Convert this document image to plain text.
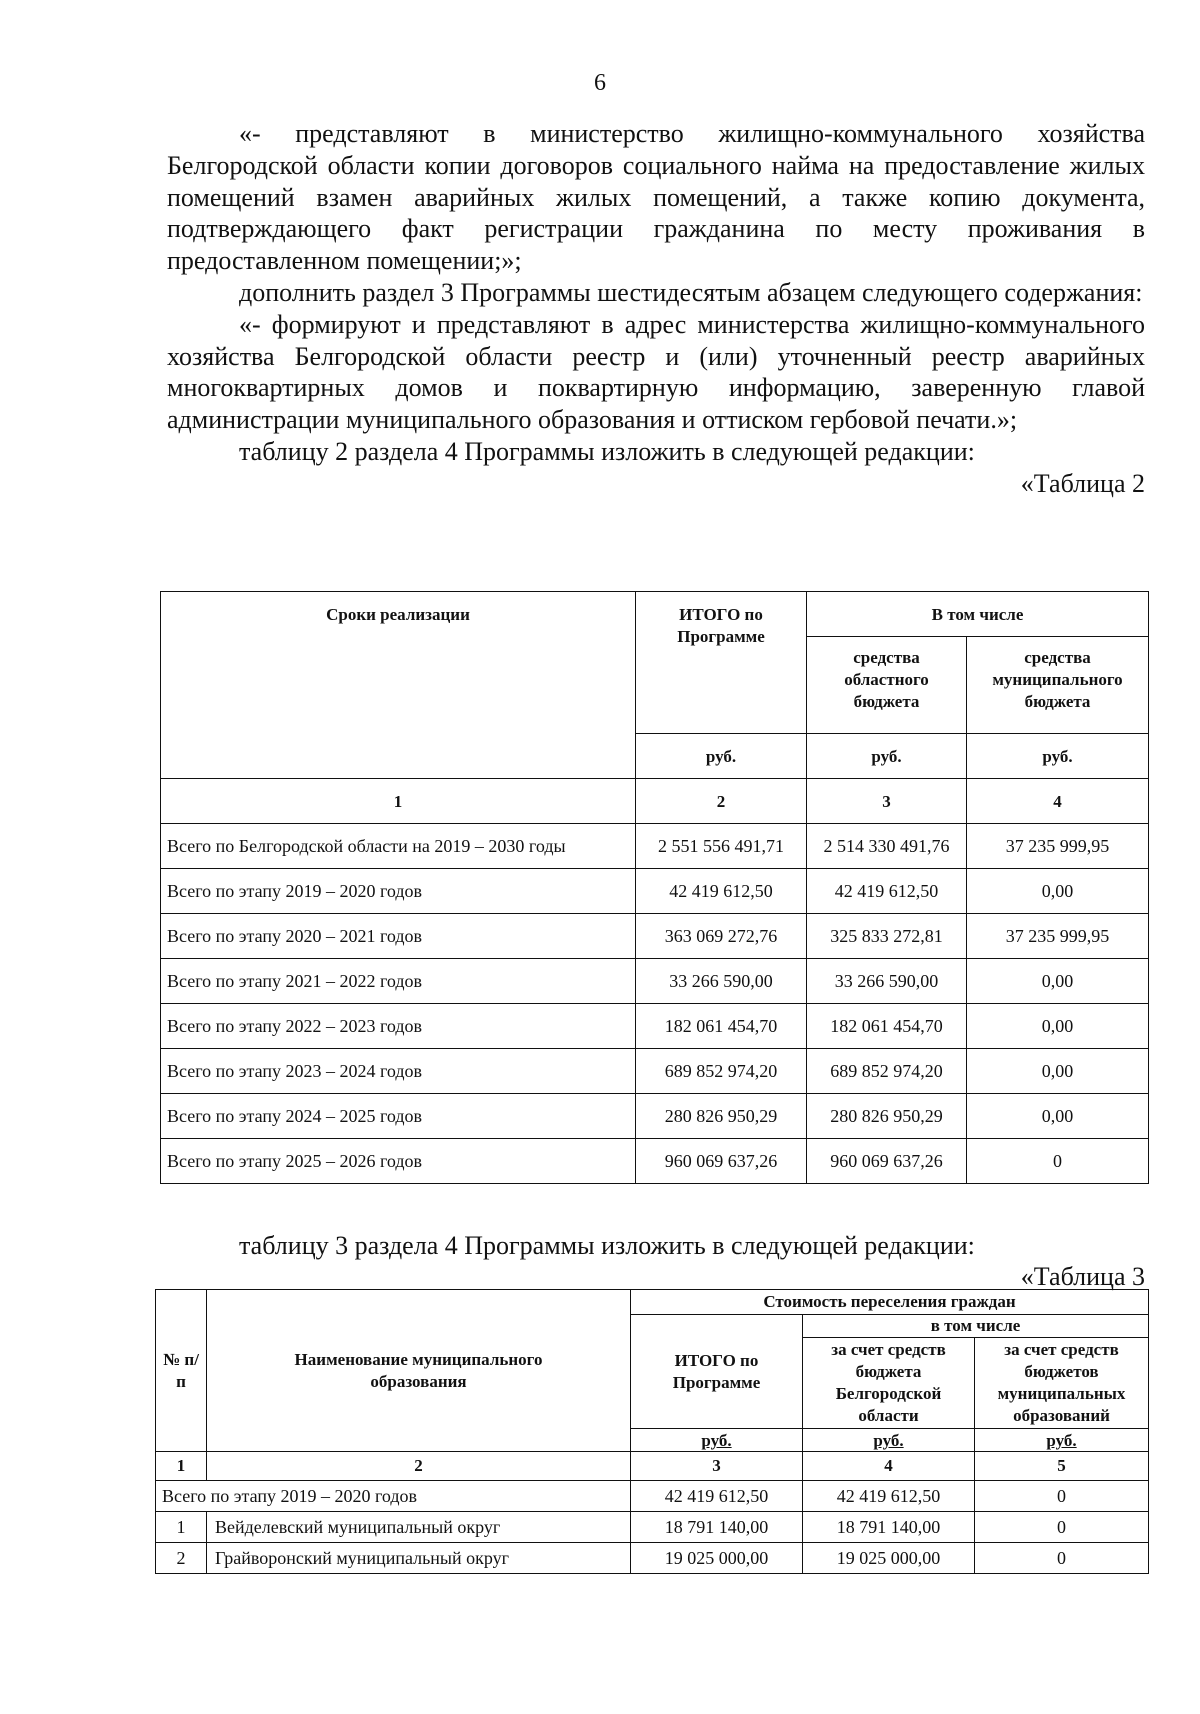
6

«- представляют в министерство жилищно-коммунального хозяйства Белгородской области копии договоров социального найма на предоставление жилых помещений взамен аварийных жилых помещений, а также копию документа, подтверждающего факт регистрации гражданина по месту проживания в предоставленном помещении;»;

дополнить раздел 3 Программы шестидесятым абзацем следующего содержания:

«- формируют и представляют в адрес министерства жилищно-коммунального хозяйства Белгородской области реестр и (или) уточненный реестр аварийных многоквартирных домов и поквартирную информацию, заверенную главой администрации муниципального образования и оттиском гербовой печати.»;

таблицу 2 раздела 4 Программы изложить в следующей редакции:

«Таблица 2

Сроки реализации	ИТОГО по Программе	В том числе	
		средства областного бюджета	средства муниципального бюджета
	руб.	руб.	руб.
1	2	3	4
Всего по Белгородской области на 2019 – 2030 годы	2 551 556 491,71	2 514 330 491,76	37 235 999,95
Всего по этапу 2019 – 2020 годов	42 419 612,50	42 419 612,50	0,00
Всего по этапу 2020 – 2021 годов	363 069 272,76	325 833 272,81	37 235 999,95
Всего по этапу 2021 – 2022 годов	33 266 590,00	33 266 590,00	0,00
Всего по этапу 2022 – 2023 годов	182 061 454,70	182 061 454,70	0,00
Всего по этапу 2023 – 2024 годов	689 852 974,20	689 852 974,20	0,00
Всего по этапу 2024 – 2025 годов	280 826 950,29	280 826 950,29	0,00
Всего по этапу 2025 – 2026 годов	960 069 637,26	960 069 637,26	0

таблицу 3 раздела 4 Программы изложить в следующей редакции:

«Таблица 3

№ п/п	Наименование муниципального образования	Стоимость переселения граждан		
		ИТОГО по Программе	в том числе	
			за счет средств бюджета Белгородской области	за счет средств бюджетов муниципальных образований
		руб.	руб.	руб.
1	2	3	4	5
Всего по этапу 2019 – 2020 годов		42 419 612,50	42 419 612,50	0
1	Вейделевский муниципальный округ	18 791 140,00	18 791 140,00	0
2	Грайворонский муниципальный округ	19 025 000,00	19 025 000,00	0
